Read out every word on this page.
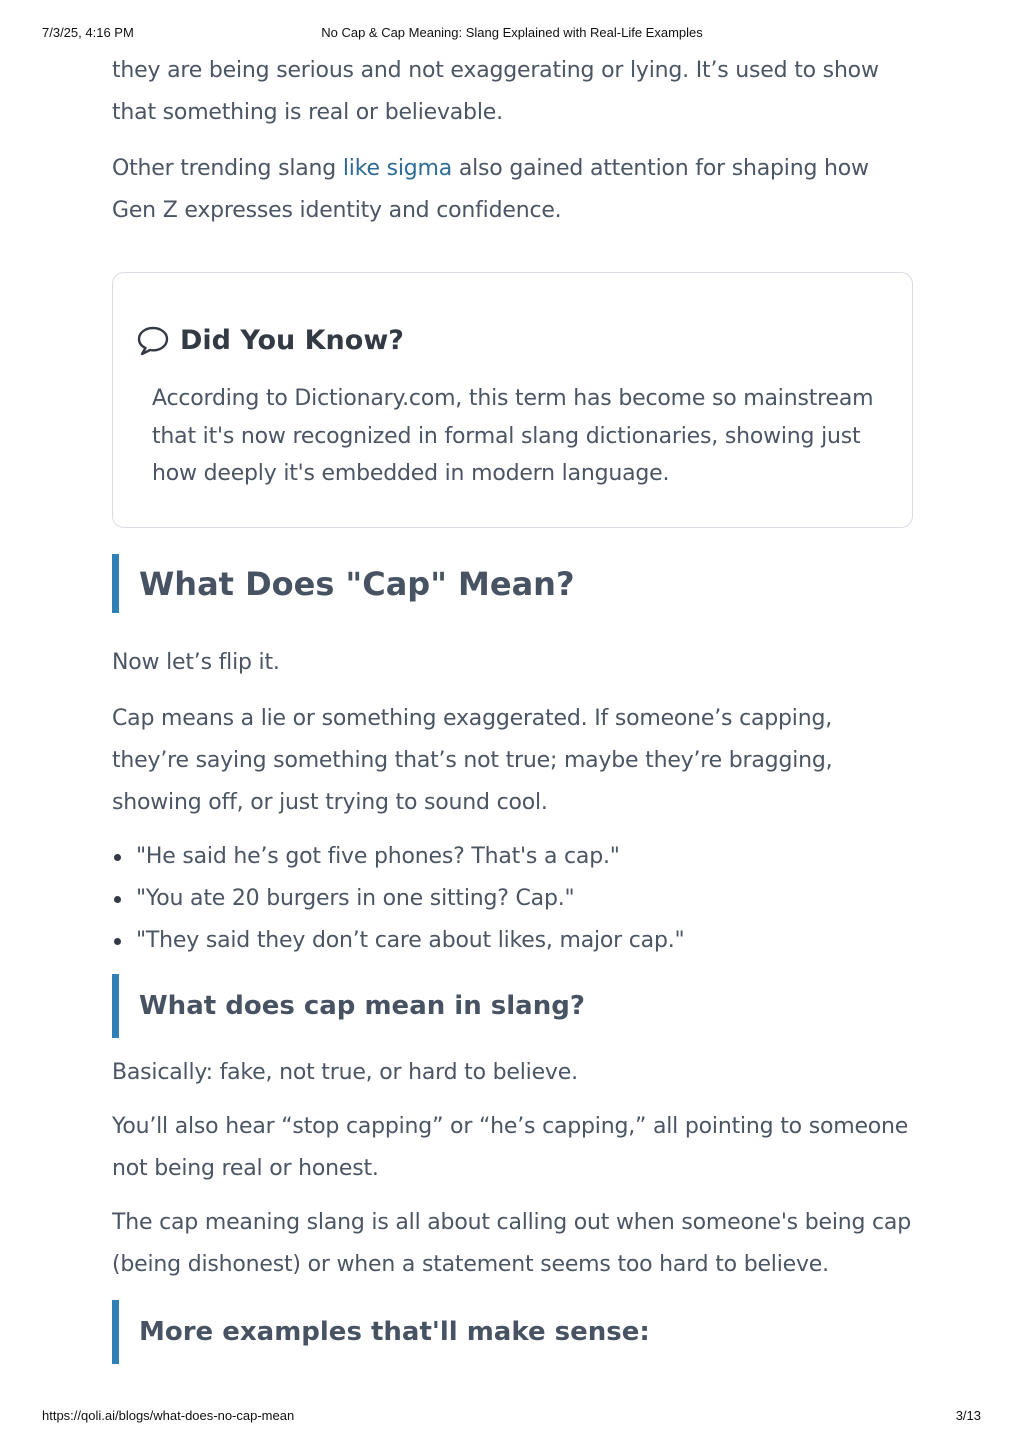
7/3/25, 4:16 PM	No Cap & Cap Meaning: Slang Explained with Real-Life Examples

they are being serious and not exaggerating or lying. It’s used to show that something is real or believable.

Other trending slang like sigma also gained attention for shaping how Gen Z expresses identity and confidence.

Did You Know?
According to Dictionary.com, this term has become so mainstream that it's now recognized in formal slang dictionaries, showing just how deeply it's embedded in modern language.
What Does "Cap" Mean?

Now let’s flip it.

Cap means a lie or something exaggerated. If someone’s capping, they’re saying something that’s not true; maybe they’re bragging, showing off, or just trying to sound cool.

"He said he’s got five phones? That's a cap."
"You ate 20 burgers in one sitting? Cap."
"They said they don’t care about likes, major cap."
What does cap mean in slang?

Basically: fake, not true, or hard to believe.

You’ll also hear “stop capping” or “he’s capping,” all pointing to someone not being real or honest.

The cap meaning slang is all about calling out when someone's being cap (being dishonest) or when a statement seems too hard to believe.

More examples that'll make sense:
https://qoli.ai/blogs/what-does-no-cap-mean	3/13
